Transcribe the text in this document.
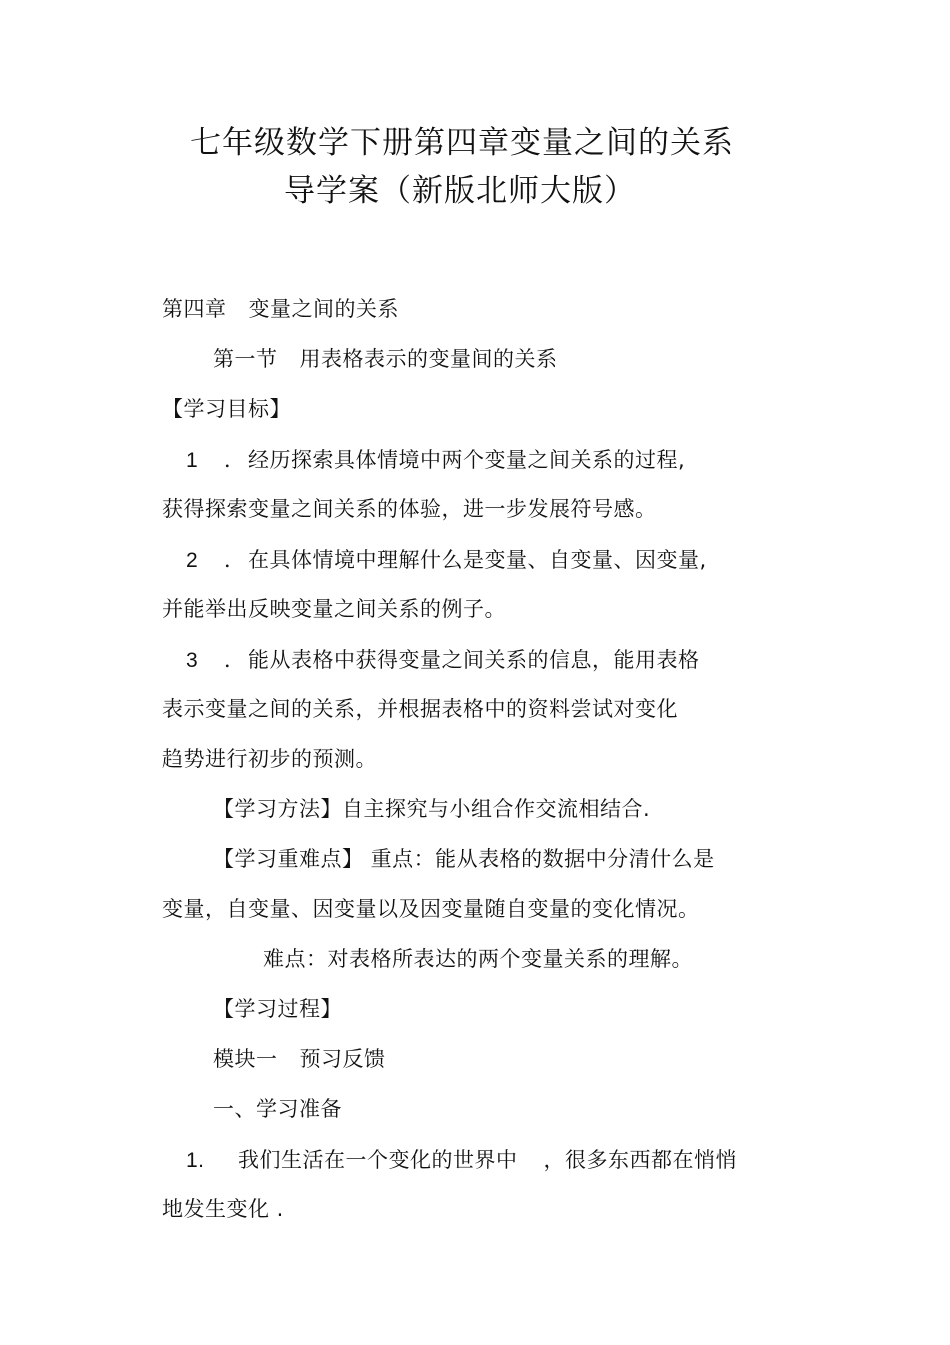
七年级数学下册第四章变量之间的关系
导学案（新版北师大版）
第四章 变量之间的关系
第一节 用表格表示的变量间的关系
【学习目标】
1 ． 经历探索具体情境中两个变量之间关系的过程,
获得探索变量之间关系的体验，进一步发展符号感。
2 ． 在具体情境中理解什么是变量、自变量、因变量,
并能举出反映变量之间关系的例子。
3 ． 能从表格中获得变量之间关系的信息，能用表格
表示变量之间的关系，并根据表格中的资料尝试对变化
趋势进行初步的预测。
【学习方法】自主探究与小组合作交流相结合.
【学习重难点】 重点：能从表格的数据中分清什么是
变量，自变量、因变量以及因变量随自变量的变化情况。
难点：对表格所表达的两个变量关系的理解。
【学习过程】
模块一 预习反馈
一、学习准备
1. 我们生活在一个变化的世界中 ，很多东西都在悄悄
地发生变化 .
